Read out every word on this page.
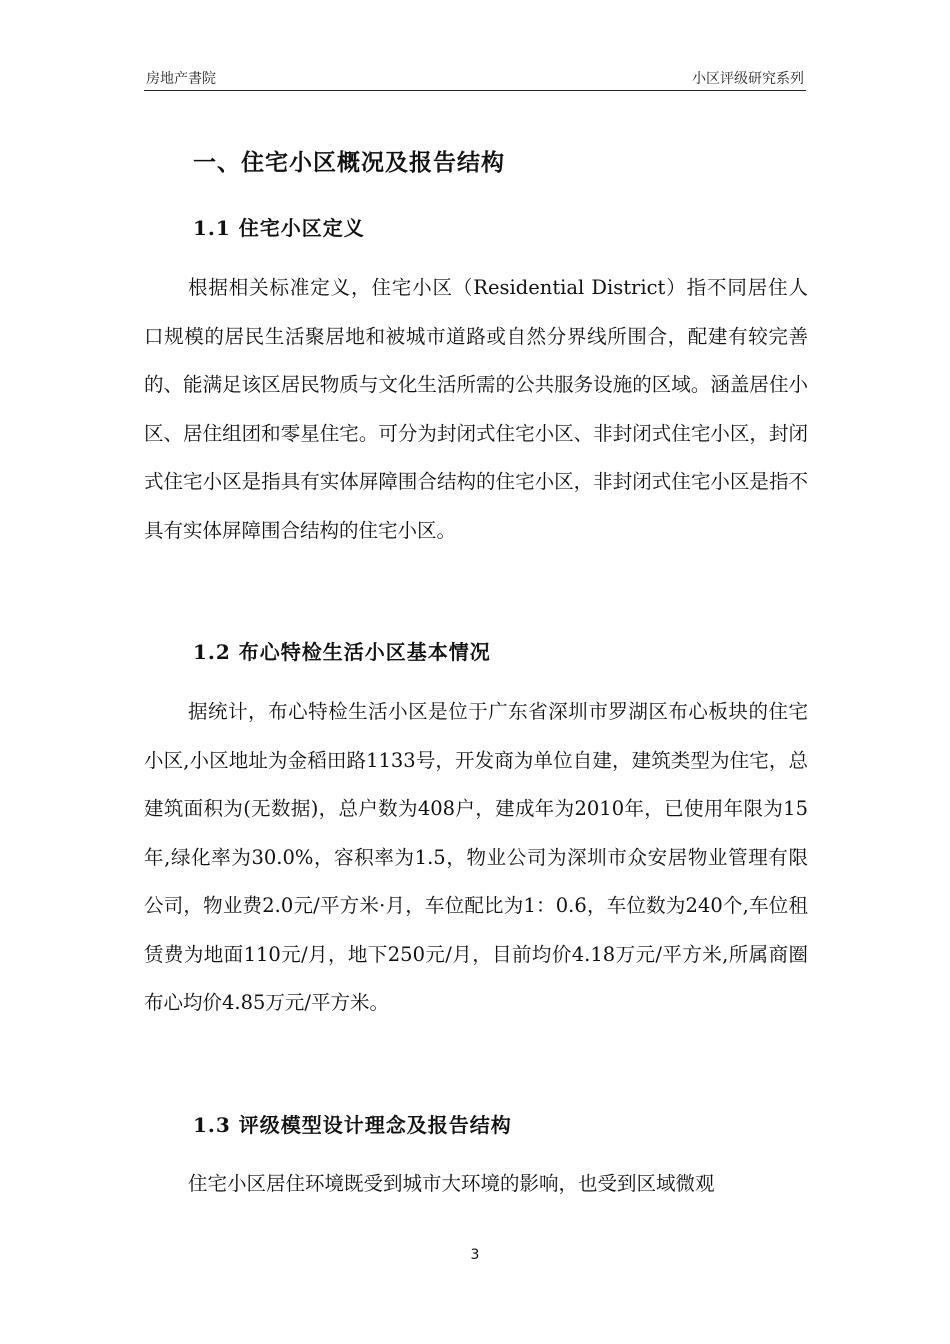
房地产書院	小区评级研究系列
一、住宅小区概况及报告结构
1.1 住宅小区定义

根据相关标准定义，住宅小区（Residential District）指不同居住人口规模的居民生活聚居地和被城市道路或自然分界线所围合，配建有较完善的、能满足该区居民物质与文化生活所需的公共服务设施的区域。涵盖居住小区、居住组团和零星住宅。可分为封闭式住宅小区、非封闭式住宅小区，封闭式住宅小区是指具有实体屏障围合结构的住宅小区，非封闭式住宅小区是指不具有实体屏障围合结构的住宅小区。

1.2 布心特检生活小区基本情况

据统计，布心特检生活小区是位于广东省深圳市罗湖区布心板块的住宅小区,小区地址为金稻田路1133号，开发商为单位自建，建筑类型为住宅，总建筑面积为(无数据)，总户数为408户，建成年为2010年，已使用年限为15年,绿化率为30.0%，容积率为1.5，物业公司为深圳市众安居物业管理有限公司，物业费2.0元/平方米·月，车位配比为1：0.6，车位数为240个,车位租赁费为地面110元/月，地下250元/月，目前均价4.18万元/平方米,所属商圈布心均价4.85万元/平方米。

1.3 评级模型设计理念及报告结构

住宅小区居住环境既受到城市大环境的影响，也受到区域微观

3
